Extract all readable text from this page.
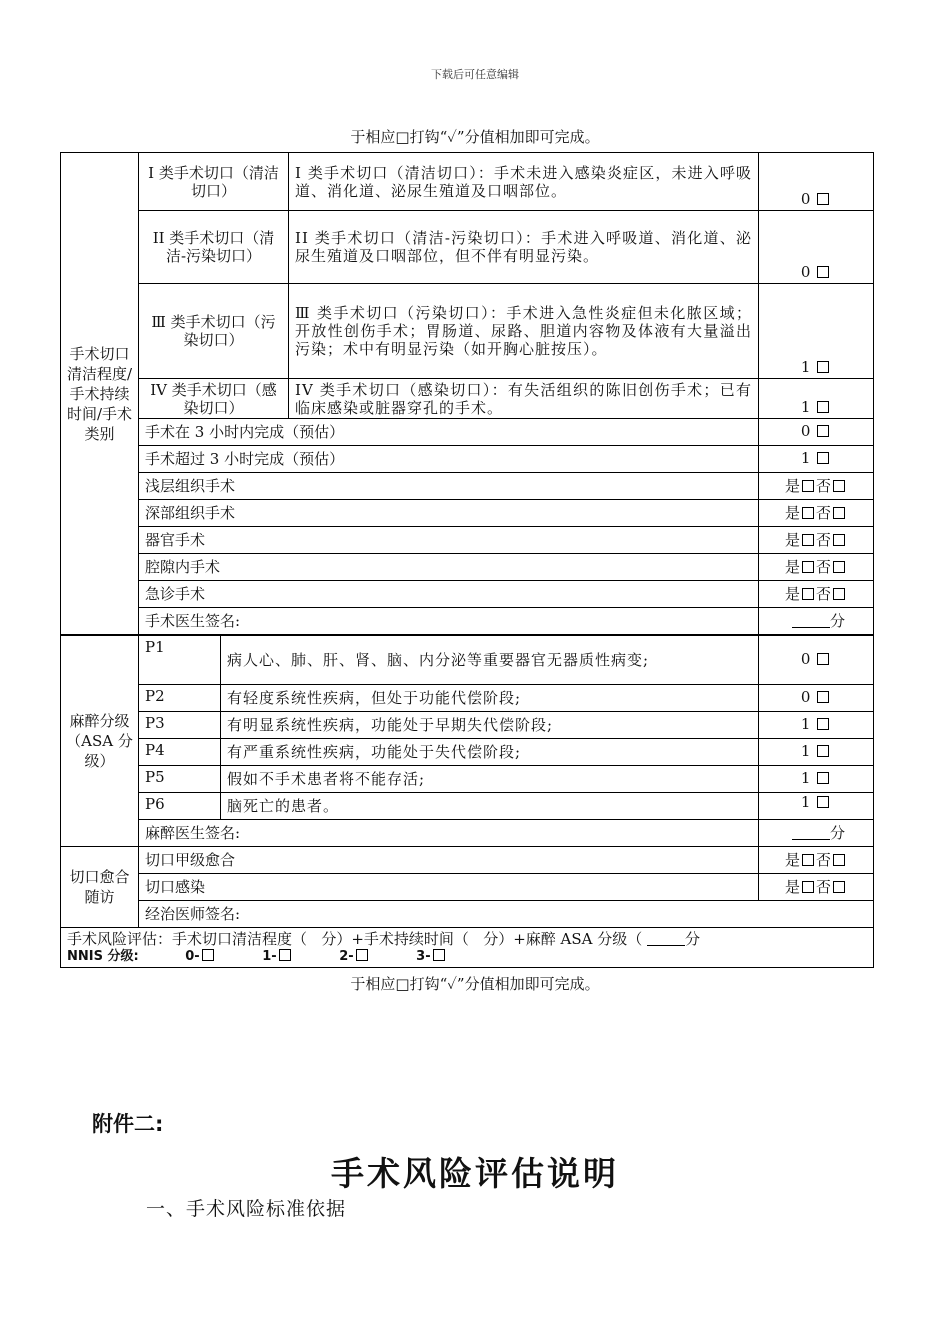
下载后可任意编辑
于相应□打钩“✓”分值相加即可完成。
手术切口清洁程度/手术持续时间/手术类别	I 类手术切口（清洁切口）	I 类手术切口（清洁切口）：手术未进入感染炎症区，未进入呼吸道、消化道、泌尿生殖道及口咽部位。	0
	II 类手术切口（清洁-污染切口）	II 类手术切口（清洁-污染切口）：手术进入呼吸道、消化道、泌尿生殖道及口咽部位，但不伴有明显污染。	0
	Ⅲ 类手术切口（污染切口）	Ⅲ 类手术切口（污染切口）：手术进入急性炎症但未化脓区域；开放性创伤手术；胃肠道、尿路、胆道内容物及体液有大量溢出污染；术中有明显污染（如开胸心脏按压）。	1
	IV 类手术切口（感染切口）	IV 类手术切口（感染切口）：有失活组织的陈旧创伤手术；已有临床感染或脏器穿孔的手术。	1
	手术在 3 小时内完成（预估）		0
	手术超过 3 小时完成（预估）		1
	浅层组织手术		是 否
	深部组织手术		是 否
	器官手术		是 否
	腔隙内手术		是 否
	急诊手术		是 否
	手术医生签名:		分
麻醉分级（ASA 分级）	P1	病人心、肺、肝、肾、脑、内分泌等重要器官无器质性病变;	0
	P2	有轻度系统性疾病，但处于功能代偿阶段;	0
	P3	有明显系统性疾病，功能处于早期失代偿阶段;	1
	P4	有严重系统性疾病，功能处于失代偿阶段;	1
	P5	假如不手术患者将不能存活;	1
	P6	脑死亡的患者。	1
	麻醉医生签名:		分
切口愈合随访	切口甲级愈合	是 否
	切口感染	是 否
	经治医师签名:	

手术风险评估：手术切口清洁程度（ 分）+手术持续时间（ 分）+麻醉 ASA 分级（ 分
NNIS 分级: 0- 1- 2- 3-		
于相应□打钩“✓”分值相加即可完成。
附件二:
手术风险评估说明
一、手术风险标准依据
